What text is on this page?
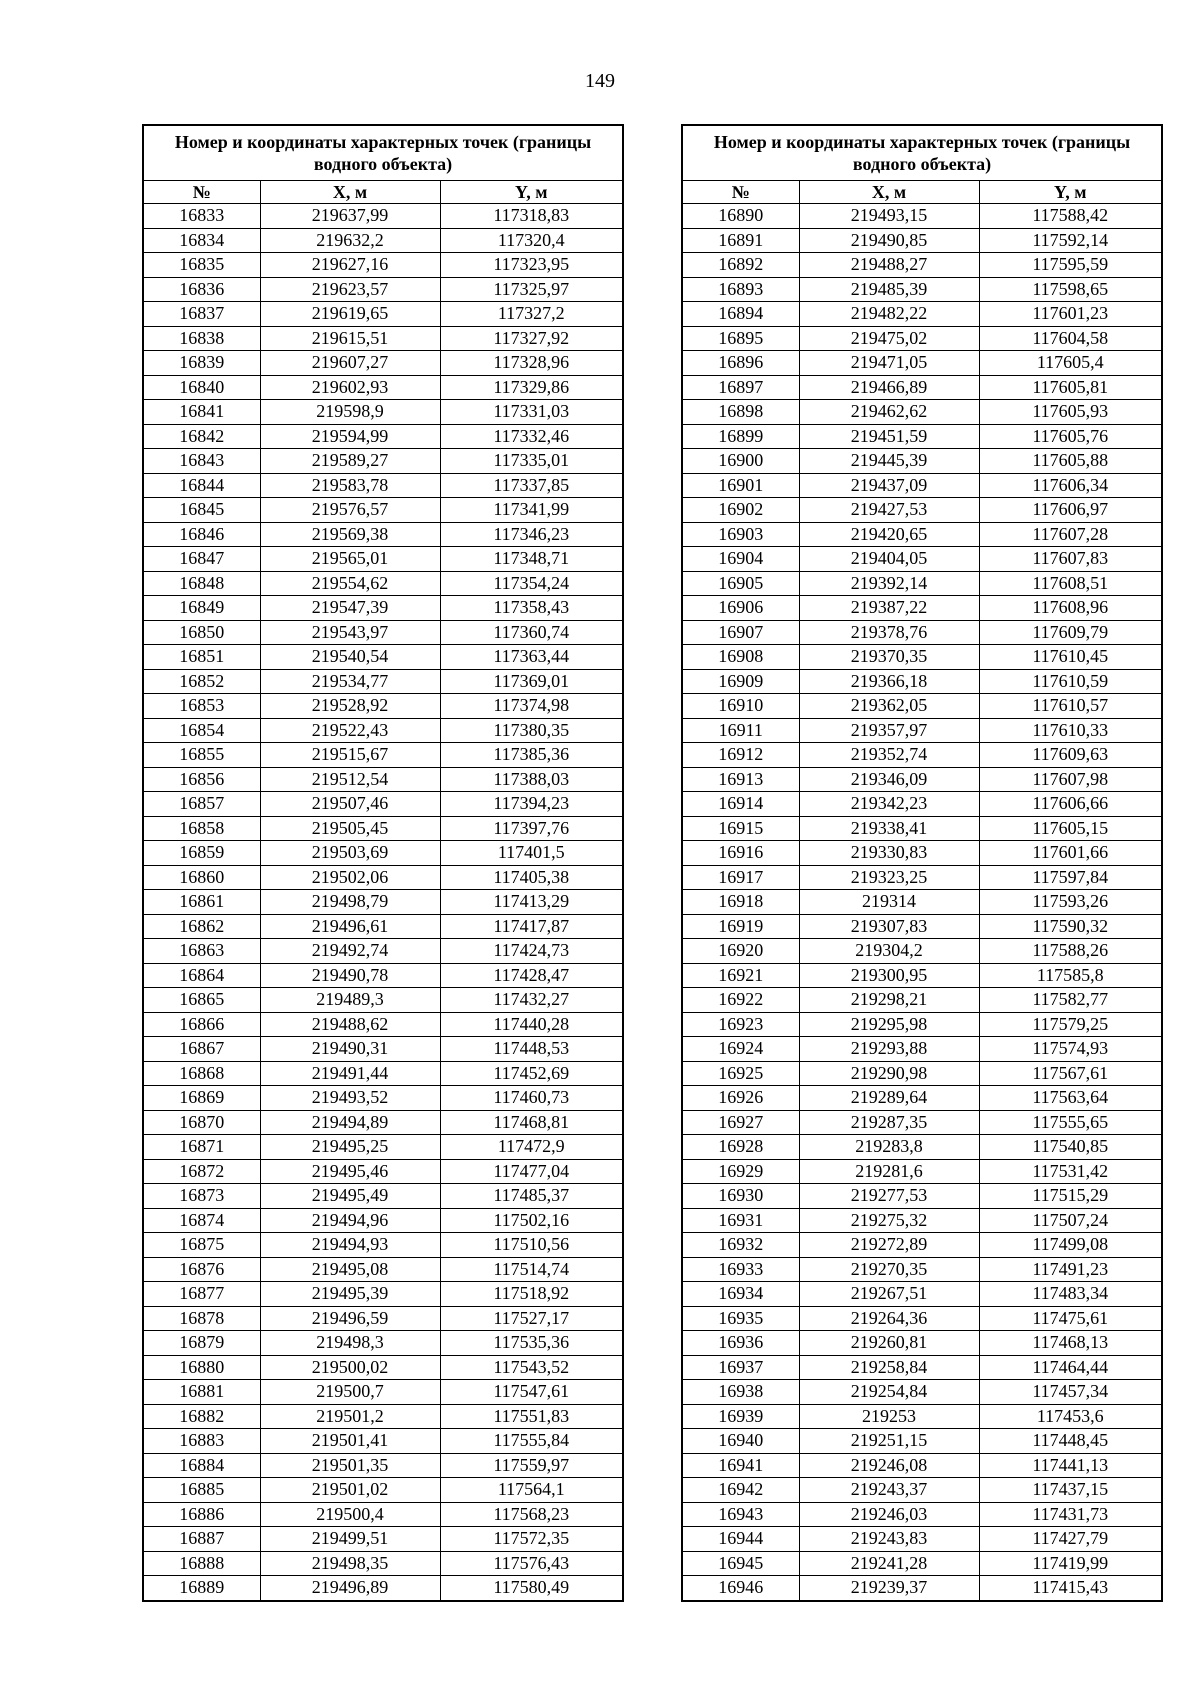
149
Номер и координаты характерных точек (границы водного объекта)		
№	X, м	Y, м
16833	219637,99	117318,83
16834	219632,2	117320,4
16835	219627,16	117323,95
16836	219623,57	117325,97
16837	219619,65	117327,2
16838	219615,51	117327,92
16839	219607,27	117328,96
16840	219602,93	117329,86
16841	219598,9	117331,03
16842	219594,99	117332,46
16843	219589,27	117335,01
16844	219583,78	117337,85
16845	219576,57	117341,99
16846	219569,38	117346,23
16847	219565,01	117348,71
16848	219554,62	117354,24
16849	219547,39	117358,43
16850	219543,97	117360,74
16851	219540,54	117363,44
16852	219534,77	117369,01
16853	219528,92	117374,98
16854	219522,43	117380,35
16855	219515,67	117385,36
16856	219512,54	117388,03
16857	219507,46	117394,23
16858	219505,45	117397,76
16859	219503,69	117401,5
16860	219502,06	117405,38
16861	219498,79	117413,29
16862	219496,61	117417,87
16863	219492,74	117424,73
16864	219490,78	117428,47
16865	219489,3	117432,27
16866	219488,62	117440,28
16867	219490,31	117448,53
16868	219491,44	117452,69
16869	219493,52	117460,73
16870	219494,89	117468,81
16871	219495,25	117472,9
16872	219495,46	117477,04
16873	219495,49	117485,37
16874	219494,96	117502,16
16875	219494,93	117510,56
16876	219495,08	117514,74
16877	219495,39	117518,92
16878	219496,59	117527,17
16879	219498,3	117535,36
16880	219500,02	117543,52
16881	219500,7	117547,61
16882	219501,2	117551,83
16883	219501,41	117555,84
16884	219501,35	117559,97
16885	219501,02	117564,1
16886	219500,4	117568,23
16887	219499,51	117572,35
16888	219498,35	117576,43
16889	219496,89	117580,49
Номер и координаты характерных точек (границы водного объекта)		
№	X, м	Y, м
16890	219493,15	117588,42
16891	219490,85	117592,14
16892	219488,27	117595,59
16893	219485,39	117598,65
16894	219482,22	117601,23
16895	219475,02	117604,58
16896	219471,05	117605,4
16897	219466,89	117605,81
16898	219462,62	117605,93
16899	219451,59	117605,76
16900	219445,39	117605,88
16901	219437,09	117606,34
16902	219427,53	117606,97
16903	219420,65	117607,28
16904	219404,05	117607,83
16905	219392,14	117608,51
16906	219387,22	117608,96
16907	219378,76	117609,79
16908	219370,35	117610,45
16909	219366,18	117610,59
16910	219362,05	117610,57
16911	219357,97	117610,33
16912	219352,74	117609,63
16913	219346,09	117607,98
16914	219342,23	117606,66
16915	219338,41	117605,15
16916	219330,83	117601,66
16917	219323,25	117597,84
16918	219314	117593,26
16919	219307,83	117590,32
16920	219304,2	117588,26
16921	219300,95	117585,8
16922	219298,21	117582,77
16923	219295,98	117579,25
16924	219293,88	117574,93
16925	219290,98	117567,61
16926	219289,64	117563,64
16927	219287,35	117555,65
16928	219283,8	117540,85
16929	219281,6	117531,42
16930	219277,53	117515,29
16931	219275,32	117507,24
16932	219272,89	117499,08
16933	219270,35	117491,23
16934	219267,51	117483,34
16935	219264,36	117475,61
16936	219260,81	117468,13
16937	219258,84	117464,44
16938	219254,84	117457,34
16939	219253	117453,6
16940	219251,15	117448,45
16941	219246,08	117441,13
16942	219243,37	117437,15
16943	219246,03	117431,73
16944	219243,83	117427,79
16945	219241,28	117419,99
16946	219239,37	117415,43
